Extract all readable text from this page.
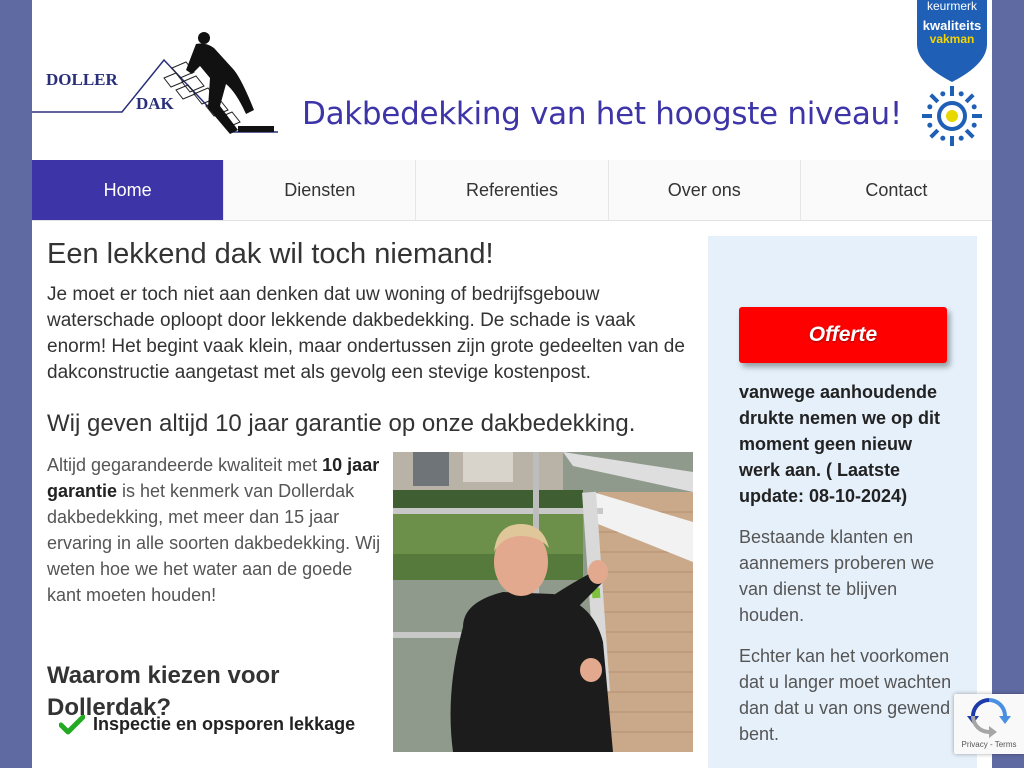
DOLLER
DAK	Dakbedekking van het hoogste niveau!
keurmerk
kwaliteits
vakman
Home	Diensten	Referenties	Over ons	Contact
Een lekkend dak wil toch niemand!

Je moet er toch niet aan denken dat uw woning of bedrijfsgebouw waterschade oploopt door lekkende dakbedekking. De schade is vaak enorm! Het begint vaak klein, maar ondertussen zijn grote gedeelten van de dakconstructie aangetast met als gevolg een stevige kostenpost.

Wij geven altijd 10 jaar garantie op onze dakbedekking.
Altijd gegarandeerde kwaliteit met 10 jaar garantie is het kenmerk van Dollerdak dakbedekking, met meer dan 15 jaar ervaring in alle soorten dakbedekking. Wij weten hoe we het water aan de goede kant moeten houden!
Waarom kiezen voor Dollerdak?
Inspectie en opsporen lekkage
Offerte
vanwege aanhoudende drukte nemen we op dit moment geen nieuw werk aan. ( Laatste update: 08-10-2024)
Bestaande klanten en aannemers proberen we van dienst te blijven houden.
Echter kan het voorkomen dat u langer moet wachten dan dat u van ons gewend bent.
Privacy - Terms
